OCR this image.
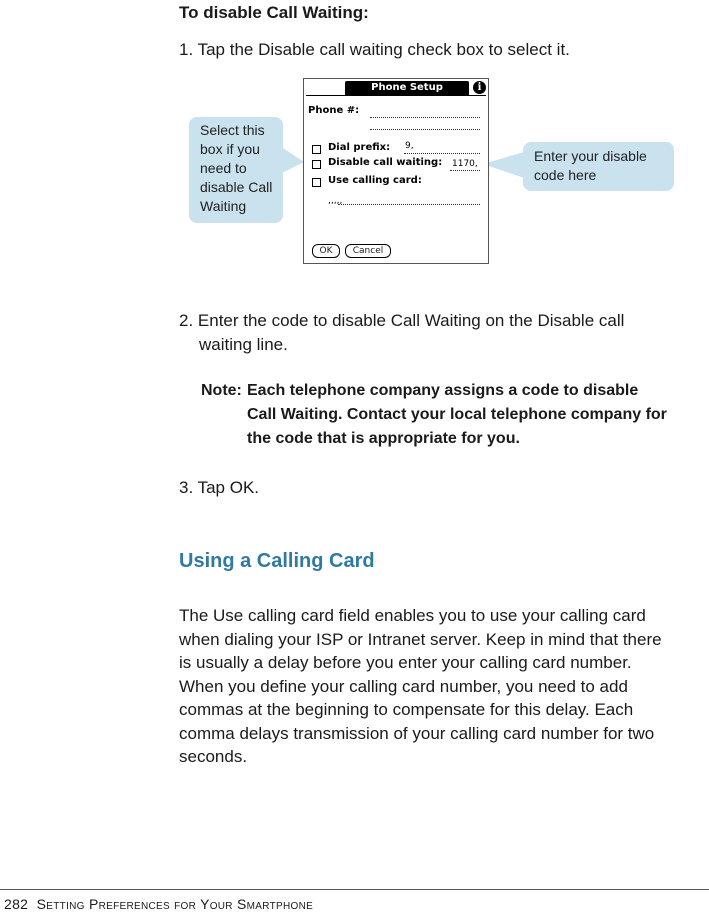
To disable Call Waiting:
1. Tap the Disable call waiting check box to select it.
Select this box if you need to disable Call Waiting
Enter your disable code here
Phone Setup	i
Phone #:
Dial prefix: 9,
Disable call waiting: 1170,
Use calling card:
,,,,,
OK	Cancel
2. Enter the code to disable Call Waiting on the Disable call
waiting line.
Note: Each telephone company assigns a code to disable Call Waiting. Contact your local telephone company for the code that is appropriate for you.
3. Tap OK.
Using a Calling Card
The Use calling card field enables you to use your calling card when dialing your ISP or Intranet server. Keep in mind that there is usually a delay before you enter your calling card number. When you define your calling card number, you need to add commas at the beginning to compensate for this delay. Each comma delays transmission of your calling card number for two seconds.
282 Setting Preferences for Your Smartphone
